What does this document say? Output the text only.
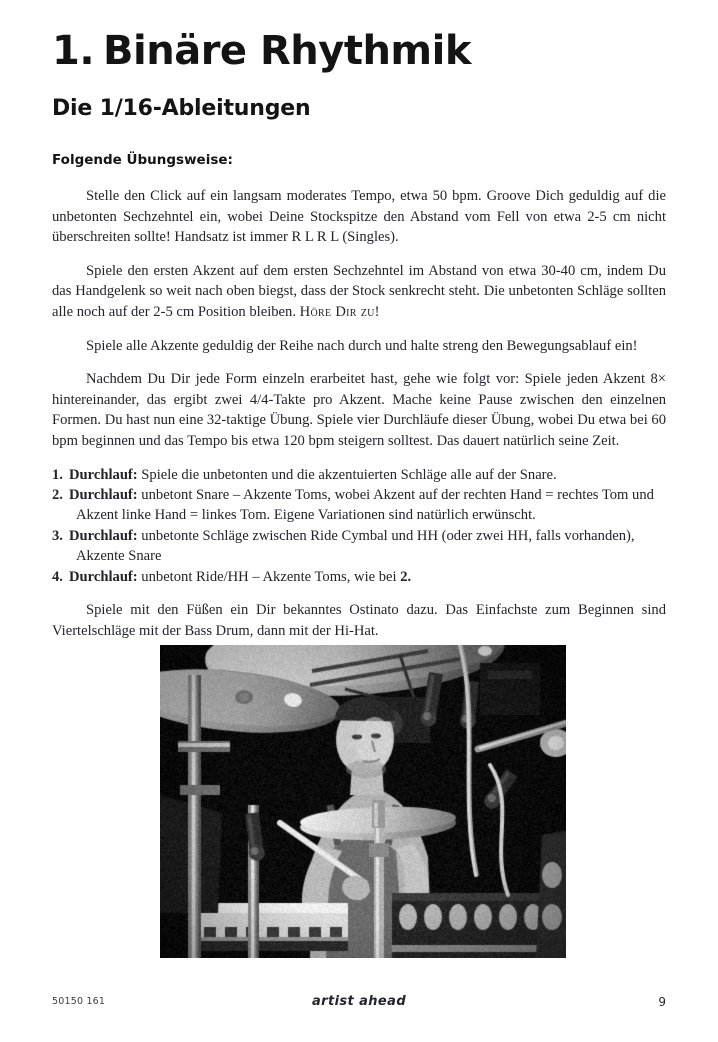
1. Binäre Rhythmik
Die 1/16-Ableitungen
Folgende Übungsweise:

Stelle den Click auf ein langsam moderates Tempo, etwa 50 bpm. Groove Dich geduldig auf die unbetonten Sechzehntel ein, wobei Deine Stockspitze den Abstand vom Fell von etwa 2-5 cm nicht überschreiten sollte! Handsatz ist immer R L R L (Singles).

Spiele den ersten Akzent auf dem ersten Sechzehntel im Abstand von etwa 30-40 cm, indem Du das Handgelenk so weit nach oben biegst, dass der Stock senkrecht steht. Die unbetonten Schläge sollten alle noch auf der 2-5 cm Position bleiben. Höre Dir zu!

Spiele alle Akzente geduldig der Reihe nach durch und halte streng den Bewegungsablauf ein!

Nachdem Du Dir jede Form einzeln erarbeitet hast, gehe wie folgt vor: Spiele jeden Akzent 8× hintereinander, das ergibt zwei 4/4-Takte pro Akzent. Mache keine Pause zwischen den einzelnen Formen. Du hast nun eine 32-taktige Übung. Spiele vier Durchläufe dieser Übung, wobei Du etwa bei 60 bpm beginnen und das Tempo bis etwa 120 bpm steigern solltest. Das dauert natürlich seine Zeit.

1. Durchlauf: Spiele die unbetonten und die akzentuierten Schläge alle auf der Snare.
2. Durchlauf: unbetont Snare – Akzente Toms, wobei Akzent auf der rechten Hand = rechtes Tom und Akzent linke Hand = linkes Tom. Eigene Variationen sind natürlich erwünscht.
3. Durchlauf: unbetonte Schläge zwischen Ride Cymbal und HH (oder zwei HH, falls vorhanden), Akzente Snare
4. Durchlauf: unbetont Ride/HH – Akzente Toms, wie bei 2.

Spiele mit den Füßen ein Dir bekanntes Ostinato dazu. Das Einfachste zum Beginnen sind Viertelschläge mit der Bass Drum, dann mit der Hi-Hat.

50150 161	artist ahead	9
